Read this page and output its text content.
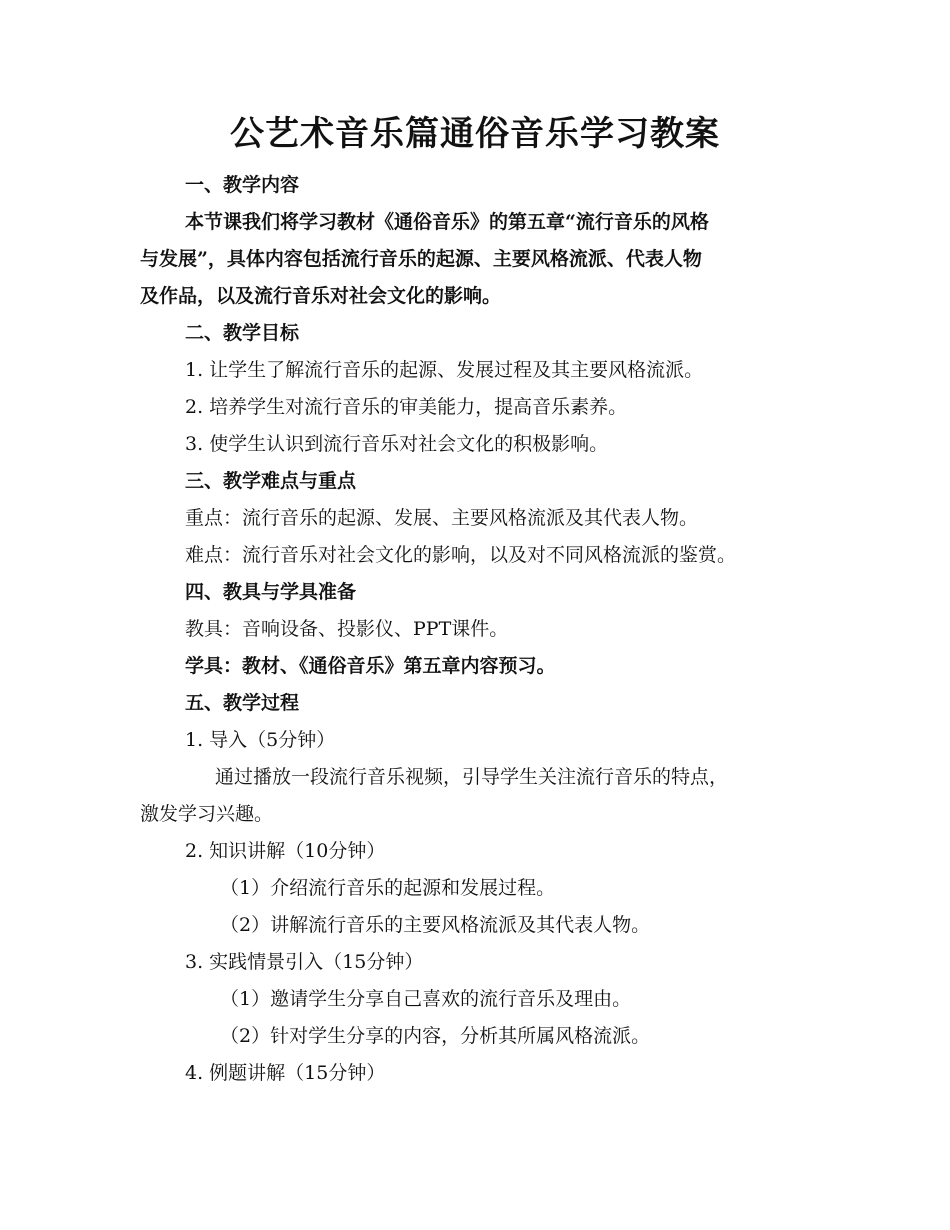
公艺术音乐篇通俗音乐学习教案
一、教学内容
本节课我们将学习教材《通俗音乐》的第五章“流行音乐的风格
与发展”，具体内容包括流行音乐的起源、主要风格流派、代表人物
及作品，以及流行音乐对社会文化的影响。
二、教学目标
1. 让学生了解流行音乐的起源、发展过程及其主要风格流派。
2. 培养学生对流行音乐的审美能力，提高音乐素养。
3. 使学生认识到流行音乐对社会文化的积极影响。
三、教学难点与重点
重点：流行音乐的起源、发展、主要风格流派及其代表人物。
难点：流行音乐对社会文化的影响，以及对不同风格流派的鉴赏。
四、教具与学具准备
教具：音响设备、投影仪、PPT课件。
学具：教材、《通俗音乐》第五章内容预习。
五、教学过程
1. 导入（5分钟）
通过播放一段流行音乐视频，引导学生关注流行音乐的特点，
激发学习兴趣。
2. 知识讲解（10分钟）
（1）介绍流行音乐的起源和发展过程。
（2）讲解流行音乐的主要风格流派及其代表人物。
3. 实践情景引入（15分钟）
（1）邀请学生分享自己喜欢的流行音乐及理由。
（2）针对学生分享的内容，分析其所属风格流派。
4. 例题讲解（15分钟）
